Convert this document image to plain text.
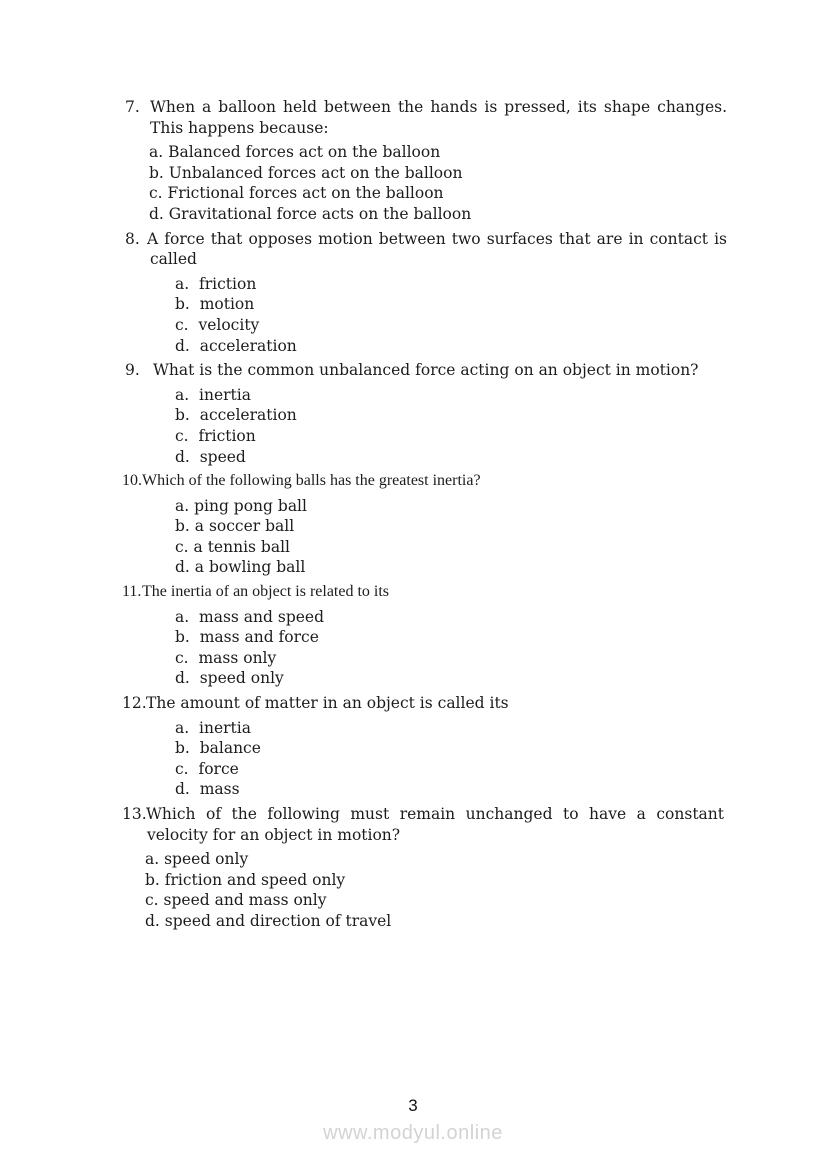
7. When a balloon held between the hands is pressed, its shape changes. This happens because:

a. Balanced forces act on the balloon
b. Unbalanced forces act on the balloon
c. Frictional forces act on the balloon
d. Gravitational force acts on the balloon

8. A force that opposes motion between two surfaces that are in contact is called

a.  friction
b.  motion
c.  velocity
d.  acceleration

9. What is the common unbalanced force acting on an object in motion?

a.  inertia
b.  acceleration
c.  friction
d.  speed

10.Which of the following balls has the greatest inertia?

a. ping pong ball
b. a soccer ball
c. a tennis ball
d. a bowling ball

11.The inertia of an object is related to its

a.  mass and speed
b.  mass and force
c.  mass only
d.  speed only

12.The amount of matter in an object is called its

a.  inertia
b.  balance
c.  force
d.  mass

13.Which of the following must remain unchanged to have a constant velocity for an object in motion?

a. speed only
b. friction and speed only
c. speed and mass only
d. speed and direction of travel
3
www.modyul.online
